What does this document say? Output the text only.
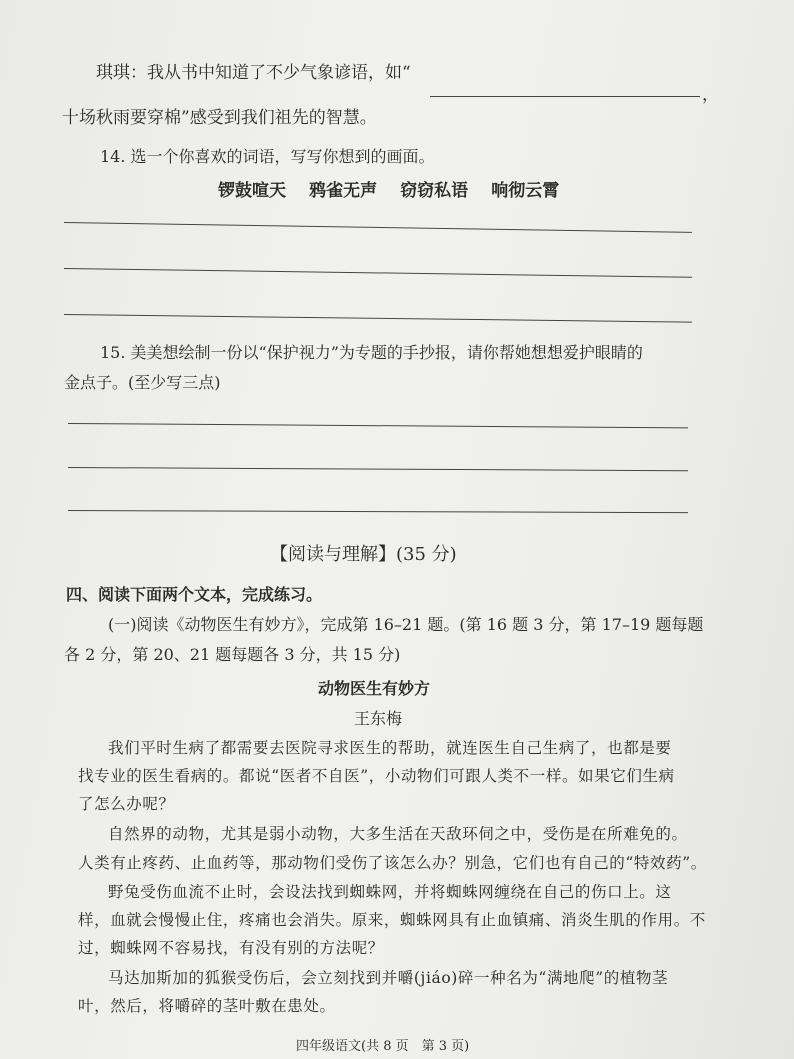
琪琪：我从书中知道了不少气象谚语，如“
，
十场秋雨要穿棉”感受到我们祖先的智慧。
14. 选一个你喜欢的词语，写写你想到的画面。
锣鼓喧天 鸦雀无声 窃窃私语 响彻云霄
15. 美美想绘制一份以“保护视力”为专题的手抄报，请你帮她想想爱护眼睛的
金点子。(至少写三点)
【阅读与理解】(35 分)
四、阅读下面两个文本，完成练习。
(一)阅读《动物医生有妙方》，完成第 16–21 题。(第 16 题 3 分，第 17–19 题每题
各 2 分，第 20、21 题每题各 3 分，共 15 分)
动物医生有妙方
王东梅
我们平时生病了都需要去医院寻求医生的帮助，就连医生自己生病了，也都是要
找专业的医生看病的。都说“医者不自医”，小动物们可跟人类不一样。如果它们生病
了怎么办呢？
自然界的动物，尤其是弱小动物，大多生活在天敌环伺之中，受伤是在所难免的。
人类有止疼药、止血药等，那动物们受伤了该怎么办？别急，它们也有自己的“特效药”。
野兔受伤血流不止时，会设法找到蜘蛛网，并将蜘蛛网缠绕在自己的伤口上。这
样，血就会慢慢止住，疼痛也会消失。原来，蜘蛛网具有止血镇痛、消炎生肌的作用。不
过，蜘蛛网不容易找，有没有别的方法呢？
马达加斯加的狐猴受伤后，会立刻找到并嚼(jiáo)碎一种名为“满地爬”的植物茎
叶，然后，将嚼碎的茎叶敷在患处。
四年级语文(共 8 页　第 3 页)
